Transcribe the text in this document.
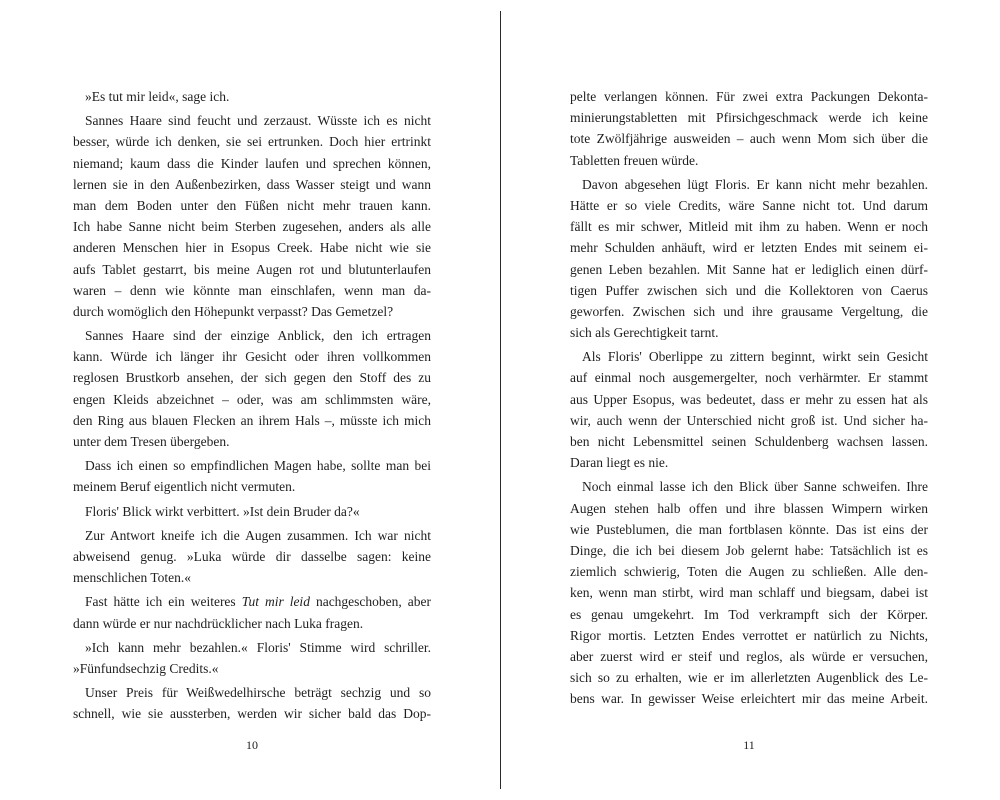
»Es tut mir leid«, sage ich.
Sannes Haare sind feucht und zerzaust. Wüsste ich es nicht
besser, würde ich denken, sie sei ertrunken. Doch hier ertrinkt
niemand; kaum dass die Kinder laufen und sprechen können,
lernen sie in den Außenbezirken, dass Wasser steigt und wann
man dem Boden unter den Füßen nicht mehr trauen kann.
Ich habe Sanne nicht beim Sterben zugesehen, anders als alle
anderen Menschen hier in Esopus Creek. Habe nicht wie sie
aufs Tablet gestarrt, bis meine Augen rot und blutunterlaufen
waren – denn wie könnte man einschlafen, wenn man da-
durch womöglich den Höhepunkt verpasst? Das Gemetzel?
Sannes Haare sind der einzige Anblick, den ich ertragen
kann. Würde ich länger ihr Gesicht oder ihren vollkommen
reglosen Brustkorb ansehen, der sich gegen den Stoff des zu
engen Kleids abzeichnet – oder, was am schlimmsten wäre,
den Ring aus blauen Flecken an ihrem Hals –, müsste ich mich
unter dem Tresen übergeben.
Dass ich einen so empfindlichen Magen habe, sollte man bei
meinem Beruf eigentlich nicht vermuten.
Floris' Blick wirkt verbittert. »Ist dein Bruder da?«
Zur Antwort kneife ich die Augen zusammen. Ich war nicht
abweisend genug. »Luka würde dir dasselbe sagen: keine
menschlichen Toten.«
Fast hätte ich ein weiteres Tut mir leid nachgeschoben, aber
dann würde er nur nachdrücklicher nach Luka fragen.
»Ich kann mehr bezahlen.« Floris' Stimme wird schriller.
»Fünfundsechzig Credits.«
Unser Preis für Weißwedelhirsche beträgt sechzig und so
schnell, wie sie aussterben, werden wir sicher bald das Dop-
pelte verlangen können. Für zwei extra Packungen Dekonta-
minierungstabletten mit Pfirsichgeschmack werde ich keine
tote Zwölfjährige ausweiden – auch wenn Mom sich über die
Tabletten freuen würde.
Davon abgesehen lügt Floris. Er kann nicht mehr bezahlen.
Hätte er so viele Credits, wäre Sanne nicht tot. Und darum
fällt es mir schwer, Mitleid mit ihm zu haben. Wenn er noch
mehr Schulden anhäuft, wird er letzten Endes mit seinem ei-
genen Leben bezahlen. Mit Sanne hat er lediglich einen dürf-
tigen Puffer zwischen sich und die Kollektoren von Caerus
geworfen. Zwischen sich und ihre grausame Vergeltung, die
sich als Gerechtigkeit tarnt.
Als Floris' Oberlippe zu zittern beginnt, wirkt sein Gesicht
auf einmal noch ausgemergelter, noch verhärmter. Er stammt
aus Upper Esopus, was bedeutet, dass er mehr zu essen hat als
wir, auch wenn der Unterschied nicht groß ist. Und sicher ha-
ben nicht Lebensmittel seinen Schuldenberg wachsen lassen.
Daran liegt es nie.
Noch einmal lasse ich den Blick über Sanne schweifen. Ihre
Augen stehen halb offen und ihre blassen Wimpern wirken
wie Pusteblumen, die man fortblasen könnte. Das ist eins der
Dinge, die ich bei diesem Job gelernt habe: Tatsächlich ist es
ziemlich schwierig, Toten die Augen zu schließen. Alle den-
ken, wenn man stirbt, wird man schlaff und biegsam, dabei ist
es genau umgekehrt. Im Tod verkrampft sich der Körper.
Rigor mortis. Letzten Endes verrottet er natürlich zu Nichts,
aber zuerst wird er steif und reglos, als würde er versuchen,
sich so zu erhalten, wie er im allerletzten Augenblick des Le-
bens war. In gewisser Weise erleichtert mir das meine Arbeit.
10	11
